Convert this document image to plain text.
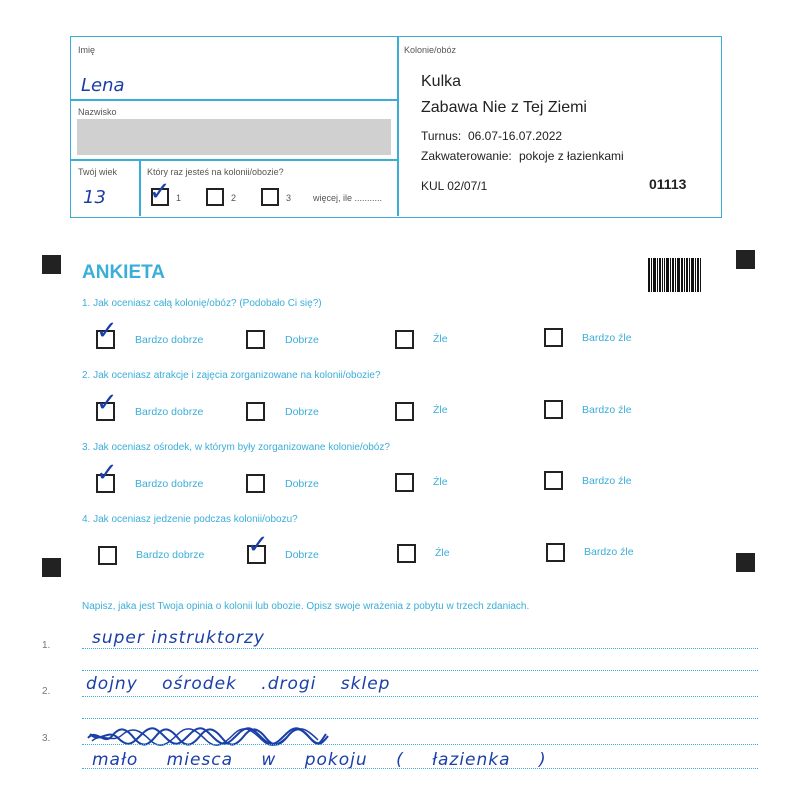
Imię
Lena
Nazwisko
Twój wiek
13
Który raz jesteś na kolonii/obozie?
✓ 1	2	3 więcej, ile ...........
Kolonie/obóz
Kulka
Zabawa Nie z Tej Ziemi
Turnus: 06.07-16.07.2022
Zakwaterowanie: pokoje z łazienkami
KUL 02/07/1	01113
ANKIETA
1. Jak oceniasz całą kolonię/obóz? (Podobało Ci się?)
✓ Bardzo dobrze	Dobrze	Źle	Bardzo źle
2. Jak oceniasz atrakcje i zajęcia zorganizowane na kolonii/obozie?
✓ Bardzo dobrze	Dobrze	Źle	Bardzo źle
3. Jak oceniasz ośrodek, w którym były zorganizowane kolonie/obóz?
✓ Bardzo dobrze	Dobrze	Źle	Bardzo źle
4. Jak oceniasz jedzenie podczas kolonii/obozu?
Bardzo dobrze ✓ Dobrze	Źle	Bardzo źle
Napisz, jaka jest Twoja opinia o kolonii lub obozie. Opisz swoje wrażenia z pobytu w trzech zdaniach.
1. super instruktorzy
2. dojny ośrodek .drogi sklep
3.
mało miesca w pokoju ( łazienka )
